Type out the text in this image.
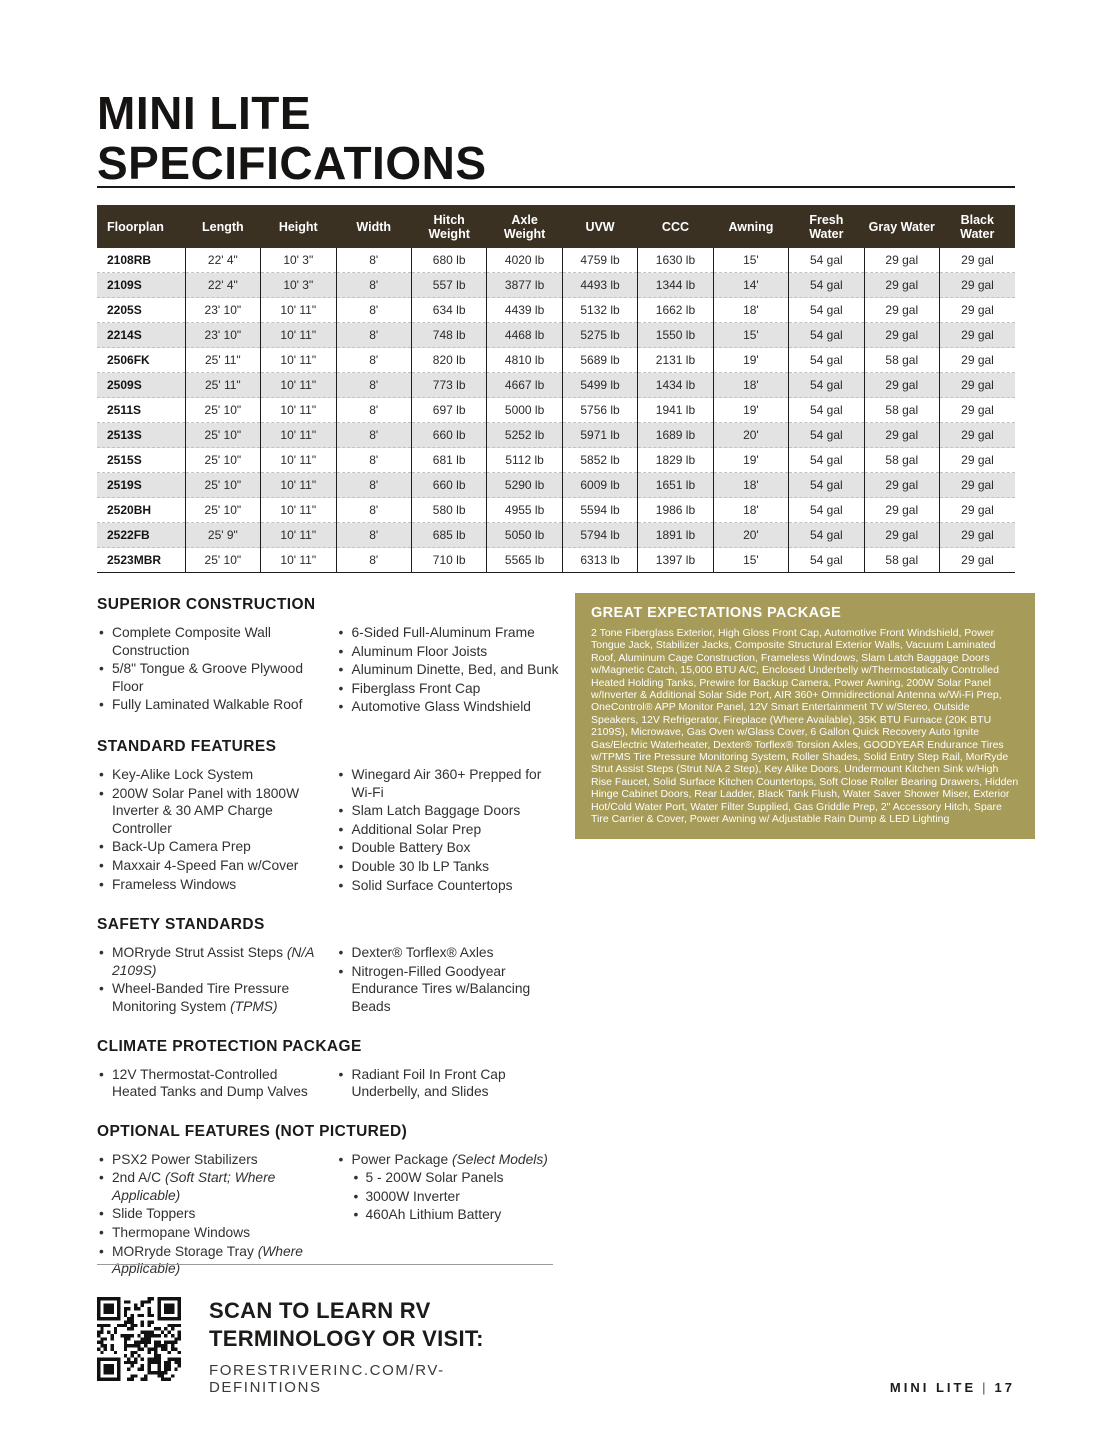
MINI LITE
SPECIFICATIONS
Floorplan	Length	Height	Width	Hitch Weight	Axle Weight	UVW	CCC	Awning	Fresh Water	Gray Water	Black Water
2108RB	22' 4"	10' 3"	8'	680 lb	4020 lb	4759 lb	1630 lb	15'	54 gal	29 gal	29 gal
2109S	22' 4"	10' 3"	8'	557 lb	3877 lb	4493 lb	1344 lb	14'	54 gal	29 gal	29 gal
2205S	23' 10"	10' 11"	8'	634 lb	4439 lb	5132 lb	1662 lb	18'	54 gal	29 gal	29 gal
2214S	23' 10"	10' 11"	8'	748 lb	4468 lb	5275 lb	1550 lb	15'	54 gal	29 gal	29 gal
2506FK	25' 11"	10' 11"	8'	820 lb	4810 lb	5689 lb	2131 lb	19'	54 gal	58 gal	29 gal
2509S	25' 11"	10' 11"	8'	773 lb	4667 lb	5499 lb	1434 lb	18'	54 gal	29 gal	29 gal
2511S	25' 10"	10' 11"	8'	697 lb	5000 lb	5756 lb	1941 lb	19'	54 gal	58 gal	29 gal
2513S	25' 10"	10' 11"	8'	660 lb	5252 lb	5971 lb	1689 lb	20'	54 gal	29 gal	29 gal
2515S	25' 10"	10' 11"	8'	681 lb	5112 lb	5852 lb	1829 lb	19'	54 gal	58 gal	29 gal
2519S	25' 10"	10' 11"	8'	660 lb	5290 lb	6009 lb	1651 lb	18'	54 gal	29 gal	29 gal
2520BH	25' 10"	10' 11"	8'	580 lb	4955 lb	5594 lb	1986 lb	18'	54 gal	29 gal	29 gal
2522FB	25' 9"	10' 11"	8'	685 lb	5050 lb	5794 lb	1891 lb	20'	54 gal	29 gal	29 gal
2523MBR	25' 10"	10' 11"	8'	710 lb	5565 lb	6313 lb	1397 lb	15'	54 gal	58 gal	29 gal
SUPERIOR CONSTRUCTION
• Complete Composite Wall Construction
• 5/8" Tongue & Groove Plywood Floor
• Fully Laminated Walkable Roof
• 6-Sided Full-Aluminum Frame
• Aluminum Floor Joists
• Aluminum Dinette, Bed, and Bunk
• Fiberglass Front Cap
• Automotive Glass Windshield
STANDARD FEATURES
• Key-Alike Lock System
• 200W Solar Panel with 1800W Inverter & 30 AMP Charge Controller
• Back-Up Camera Prep
• Maxxair 4-Speed Fan w/Cover
• Frameless Windows
• Winegard Air 360+ Prepped for Wi-Fi
• Slam Latch Baggage Doors
• Additional Solar Prep
• Double Battery Box
• Double 30 lb LP Tanks
• Solid Surface Countertops
SAFETY STANDARDS
• MORryde Strut Assist Steps (N/A 2109S)
• Wheel-Banded Tire Pressure Monitoring System (TPMS)
• Dexter® Torflex® Axles
• Nitrogen-Filled Goodyear Endurance Tires w/Balancing Beads
CLIMATE PROTECTION PACKAGE
• 12V Thermostat-Controlled Heated Tanks and Dump Valves
• Radiant Foil In Front Cap Underbelly, and Slides
OPTIONAL FEATURES (NOT PICTURED)
• PSX2 Power Stabilizers
• 2nd A/C (Soft Start; Where Applicable)
• Slide Toppers
• Thermopane Windows
• MORryde Storage Tray (Where Applicable)
• Power Package (Select Models)
• 5 - 200W Solar Panels
• 3000W Inverter
• 460Ah Lithium Battery
GREAT EXPECTATIONS PACKAGE

2 Tone Fiberglass Exterior, High Gloss Front Cap, Automotive Front Windshield, Power Tongue Jack, Stabilizer Jacks, Composite Structural Exterior Walls, Vacuum Laminated Roof, Aluminum Cage Construction, Frameless Windows, Slam Latch Baggage Doors w/Magnetic Catch, 15,000 BTU A/C, Enclosed Underbelly w/Thermostatically Controlled Heated Holding Tanks, Prewire for Backup Camera, Power Awning, 200W Solar Panel w/Inverter & Additional Solar Side Port, AIR 360+ Omnidirectional Antenna w/Wi-Fi Prep, OneControl® APP Monitor Panel, 12V Smart Entertainment TV w/Stereo, Outside Speakers, 12V Refrigerator, Fireplace (Where Available), 35K BTU Furnace (20K BTU 2109S), Microwave, Gas Oven w/Glass Cover, 6 Gallon Quick Recovery Auto Ignite Gas/Electric Waterheater, Dexter® Torflex® Torsion Axles, GOODYEAR Endurance Tires w/TPMS Tire Pressure Monitoring System, Roller Shades, Solid Entry Step Rail, MorRyde Strut Assist Steps (Strut N/A 2 Step), Key Alike Doors, Undermount Kitchen Sink w/High Rise Faucet, Solid Surface Kitchen Countertops, Soft Close Roller Bearing Drawers, Hidden Hinge Cabinet Doors, Rear Ladder, Black Tank Flush, Water Saver Shower Miser, Exterior Hot/Cold Water Port, Water Filter Supplied, Gas Griddle Prep, 2" Accessory Hitch, Spare Tire Carrier & Cover, Power Awning w/ Adjustable Rain Dump & LED Lighting

SCAN TO LEARN RV
TERMINOLOGY OR VISIT:
FORESTRIVERINC.COM/RV-DEFINITIONS	MINI LITE | 17
